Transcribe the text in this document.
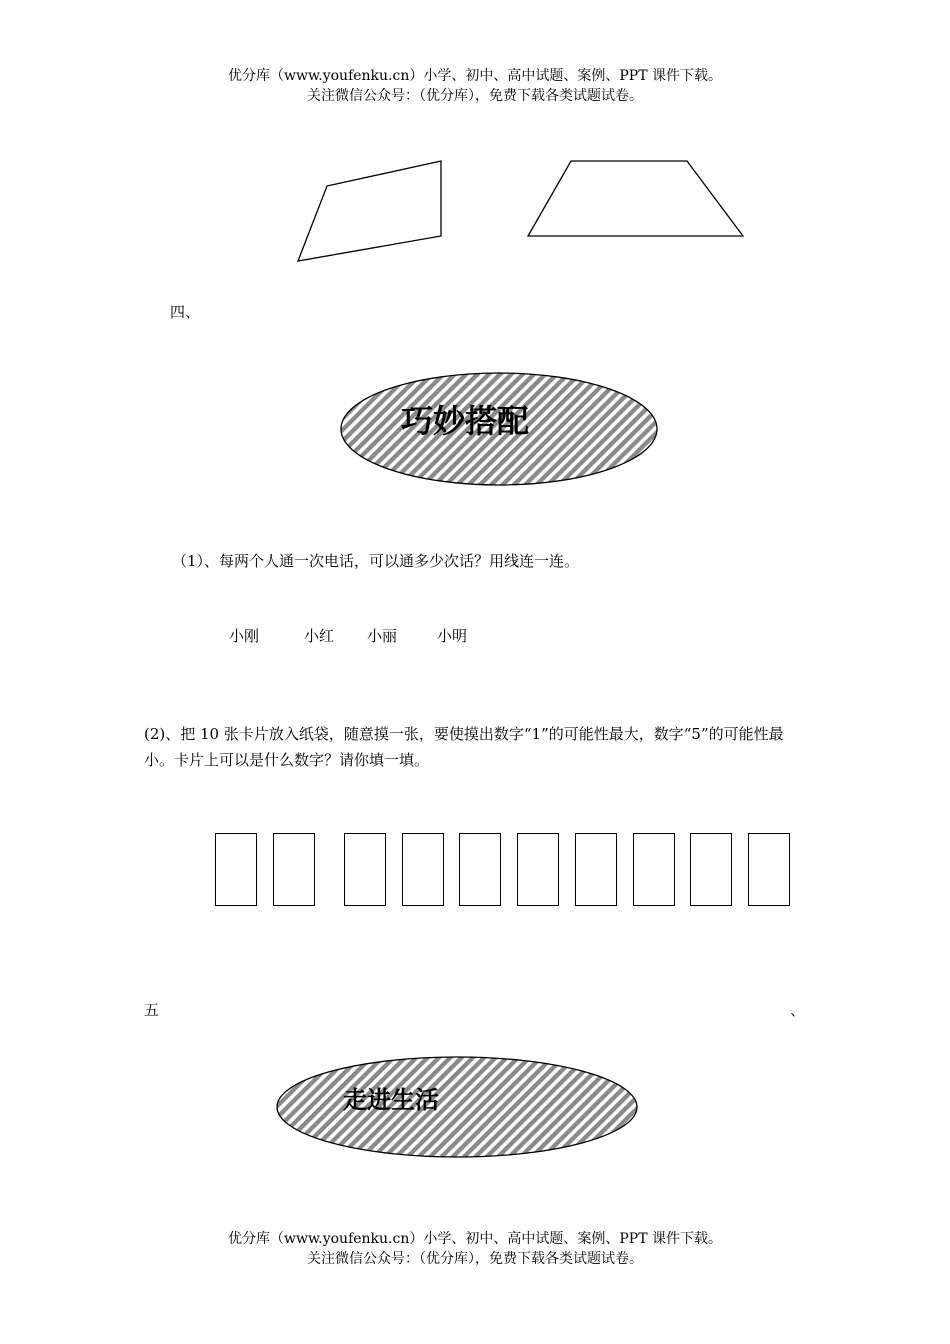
优分库（www.youfenku.cn）小学、初中、高中试题、案例、PPT 课件下载。
关注微信公众号：（优分库），免费下载各类试题试卷。
四、
巧妙搭配
（1）、每两个人通一次电话，可以通多少次话？用线连一连。
小刚	小红 小丽	小明
(2)、把 10 张卡片放入纸袋，随意摸一张，要使摸出数字“1”的可能性最大，数字“5”的可能性最小。卡片上可以是什么数字？请你填一填。
五	、
走进生活
优分库（www.youfenku.cn）小学、初中、高中试题、案例、PPT 课件下载。
关注微信公众号：（优分库），免费下载各类试题试卷。
